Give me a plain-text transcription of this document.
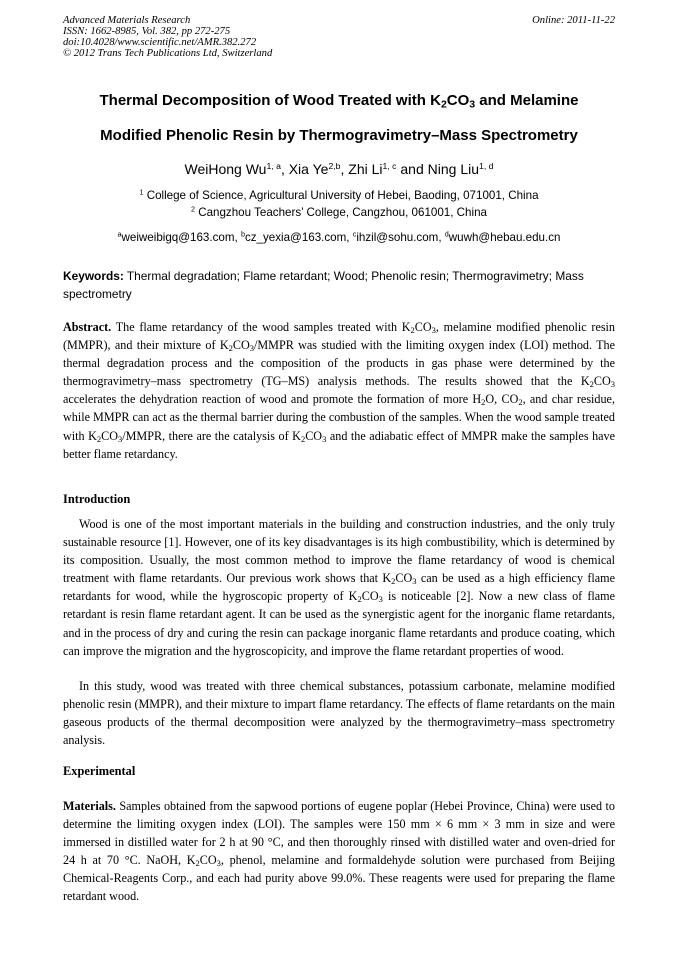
Advanced Materials Research
ISSN: 1662-8985, Vol. 382, pp 272-275
doi:10.4028/www.scientific.net/AMR.382.272
© 2012 Trans Tech Publications Ltd, Switzerland
Online: 2011-11-22
Thermal Decomposition of Wood Treated with $K_2CO_3$ and Melamine
Modified Phenolic Resin by Thermogravimetry–Mass Spectrometry
WeiHong Wu$^{1, a}$, Xia Ye$^{2,b}$, Zhi Li$^{1, c}$ and Ning Liu$^{1, d}$
$^1$ College of Science, Agricultural University of Hebei, Baoding, 071001, China
$^2$ Cangzhou Teachers’ College, Cangzhou, 061001, China
$^a$weiweibigq@163.com, $^b$cz_yexia@163.com, $^c$ihzil@sohu.com, $^d$wuwh@hebau.edu.cn
Keywords: Thermal degradation; Flame retardant; Wood; Phenolic resin; Thermogravimetry; Mass spectrometry
Abstract. The flame retardancy of the wood samples treated with $K_2CO_3$, melamine modified phenolic resin (MMPR), and their mixture of $K_2CO_3$/MMPR was studied with the limiting oxygen index (LOI) method. The thermal degradation process and the composition of the products in gas phase were determined by the thermogravimetry–mass spectrometry (TG–MS) analysis methods. The results showed that the $K_2CO_3$ accelerates the dehydration reaction of wood and promote the formation of more $H_2O$, $CO_2$, and char residue, while MMPR can act as the thermal barrier during the combustion of the samples. When the wood sample treated with $K_2CO_3$/MMPR, there are the catalysis of $K_2CO_3$ and the adiabatic effect of MMPR make the samples have better flame retardancy.
Introduction
Wood is one of the most important materials in the building and construction industries, and the only truly sustainable resource [1]. However, one of its key disadvantages is its high combustibility, which is determined by its composition. Usually, the most common method to improve the flame retardancy of wood is chemical treatment with flame retardants. Our previous work shows that $K_2CO_3$ can be used as a high efficiency flame retardants for wood, while the hygroscopic property of $K_2CO_3$ is noticeable [2]. Now a new class of flame retardant is resin flame retardant agent. It can be used as the synergistic agent for the inorganic flame retardants, and in the process of dry and curing the resin can package inorganic flame retardants and produce coating, which can improve the migration and the hygroscopicity, and improve the flame retardant properties of wood.
In this study, wood was treated with three chemical substances, potassium carbonate, melamine modified phenolic resin (MMPR), and their mixture to impart flame retardancy. The effects of flame retardants on the main gaseous products of the thermal decomposition were analyzed by the thermogravimetry–mass spectrometry analysis.
Experimental
Materials. Samples obtained from the sapwood portions of eugene poplar (Hebei Province, China) were used to determine the limiting oxygen index (LOI). The samples were 150 mm × 6 mm × 3 mm in size and were immersed in distilled water for 2 h at 90 °C, and then thoroughly rinsed with distilled water and oven-dried for 24 h at 70 °C. NaOH, $K_2CO_3$, phenol, melamine and formaldehyde solution were purchased from Beijing Chemical-Reagents Corp., and each had purity above 99.0%. These reagents were used for preparing the flame retardant wood.
